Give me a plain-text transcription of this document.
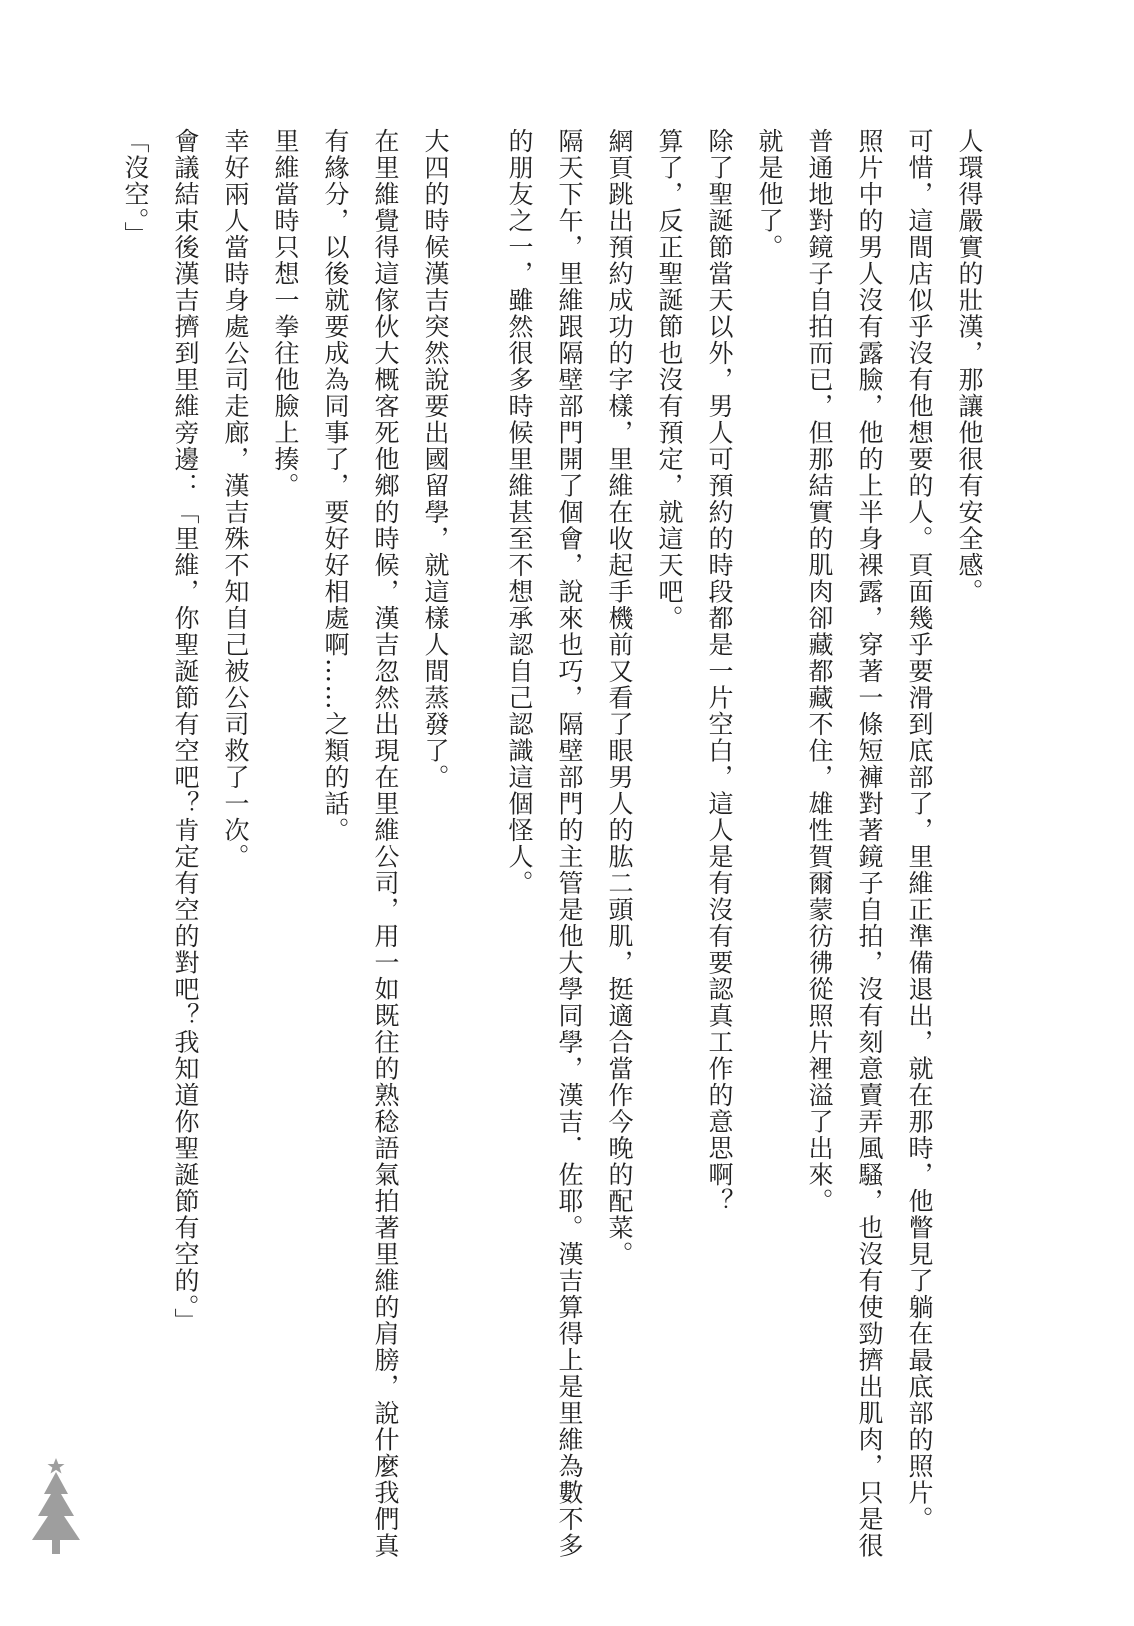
人環得嚴實的壯漢，那讓他很有安全感。

可惜，這間店似乎沒有他想要的人。頁面幾乎要滑到底部了，里維正準備退出，就在那時，他瞥見了躺在最底部的照片。

照片中的男人沒有露臉，他的上半身裸露，穿著一條短褲對著鏡子自拍，沒有刻意賣弄風騷，也沒有使勁擠出肌肉，只是很普通地對鏡子自拍而已，但那結實的肌肉卻藏都藏不住，雄性賀爾蒙彷彿從照片裡溢了出來。

就是他了。

除了聖誕節當天以外，男人可預約的時段都是一片空白，這人是有沒有要認真工作的意思啊？

算了，反正聖誕節也沒有預定，就這天吧。

網頁跳出預約成功的字樣，里維在收起手機前又看了眼男人的肱二頭肌，挺適合當作今晚的配菜。

隔天下午，里維跟隔壁部門開了個會，說來也巧，隔壁部門的主管是他大學同學，漢吉．佐耶。漢吉算得上是里維為數不多的朋友之一，雖然很多時候里維甚至不想承認自己認識這個怪人。

大四的時候漢吉突然說要出國留學，就這樣人間蒸發了。

在里維覺得這傢伙大概客死他鄉的時候，漢吉忽然出現在里維公司，用一如既往的熟稔語氣拍著里維的肩膀，說什麼我們真有緣分，以後就要成為同事了，要好好相處啊……之類的話。

里維當時只想一拳往他臉上揍。

幸好兩人當時身處公司走廊，漢吉殊不知自己被公司救了一次。

會議結束後漢吉擠到里維旁邊：「里維，你聖誕節有空吧？肯定有空的對吧？我知道你聖誕節有空的。」

「沒空。」
